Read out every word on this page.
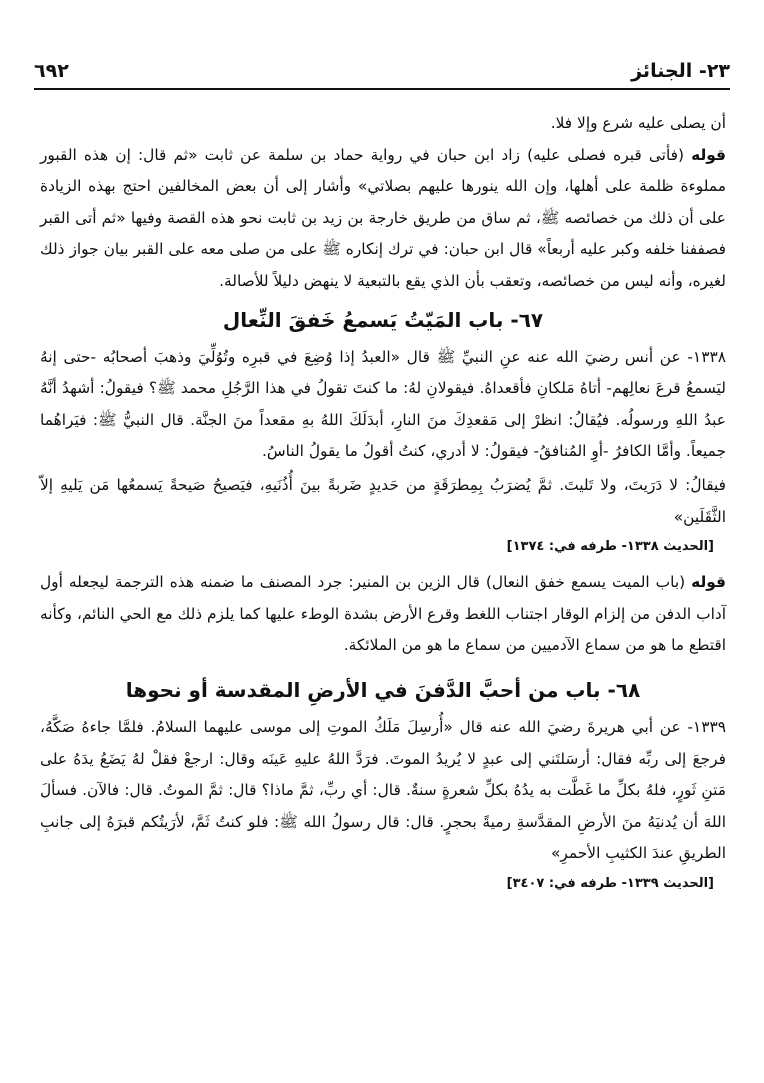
٦٩٢	٢٣- الجنائز

أن يصلى عليه شرع وإلا فلا.

قوله (فأتى قبره فصلى عليه) زاد ابن حبان في رواية حماد بن سلمة عن ثابت «ثم قال: إن هذه القبور مملوءة ظلمة على أهلها، وإن الله ينورها عليهم بصلاتي» وأشار إلى أن بعض المخالفين احتج بهذه الزيادة على أن ذلك من خصائصه ﷺ، ثم ساق من طريق خارجة بن زيد بن ثابت نحو هذه القصة وفيها «ثم أتى القبر فصففنا خلفه وكبر عليه أربعاً» قال ابن حبان: في ترك إنكاره ﷺ على من صلى معه على القبر بيان جواز ذلك لغيره، وأنه ليس من خصائصه، وتعقب بأن الذي يقع بالتبعية لا ينهض دليلاً للأصالة.

٦٧- باب المَيّتُ يَسمعُ خَفقَ النِّعال

١٣٣٨- عن أنس رضيَ الله عنه عنِ النبيِّ ﷺ قال «العبدُ إذا وُضِعَ في قبرِه وتُوُلِّيَ وذهبَ أصحابُه -حتى إنهُ ليَسمعُ قرعَ نعالِهم- أتاهُ مَلكانِ فأقعداهُ. فيقولانِ لهُ: ما كنتَ تقولُ في هذا الرَّجُلِ محمد ﷺ؟ فيقولُ: أشهدُ أنَّهُ عبدُ اللهِ ورسولُه. فيُقالُ: انظرْ إلى مَقعدِكَ منَ النارِ، أبدَلَكَ اللهُ بهِ مقعداً منَ الجنَّة. قال النبيُّ ﷺ: فيَراهُما جميعاً. وأمَّا الكافرُ -أوِ المُنافقُ- فيقولُ: لا أدري، كنتُ أقولُ ما يقولُ الناسُ.

فيقالُ: لا دَرَيتَ، ولا تَليتَ. ثمَّ يُضرَبُ بِمِطرَقَةٍ من حَديدٍ ضَربةً بينَ أُذُنَيهِ، فيَصيحُ صَيحةً يَسمعُها مَن يَليهِ إلاّ الثَّقَلَين»

[الحديث ١٣٣٨- طرفه في: ١٣٧٤]

قوله (باب الميت يسمع خفق النعال) قال الزين بن المنير: جرد المصنف ما ضمنه هذه الترجمة ليجعله أول آداب الدفن من إلزام الوقار اجتناب اللغط وقرع الأرض بشدة الوطء عليها كما يلزم ذلك مع الحي النائم، وكأنه اقتطع ما هو من سماع الآدميين من سماع ما هو من الملائكة.

٦٨- باب من أحبَّ الدَّفنَ في الأرضِ المقدسة أو نحوها

١٣٣٩- عن أبي هريرةَ رضيَ الله عنه قال «أُرسِلَ مَلَكُ الموتِ إلى موسى عليهما السلامُ. فلمَّا جاءهُ صَكَّهُ، فرجعَ إلى ربِّه فقال: أرسَلتَني إلى عبدٍ لا يُريدُ الموتَ. فرَدَّ اللهُ عليهِ عَينَه وقال: ارجعْ فقلْ لهُ يَضَعُ يدَهُ على مَتنِ ثَورٍ، فلهُ بكلِّ ما غَطَّت به يدُهُ بكلِّ شعرةٍ سنةٌ. قال: أي ربِّ، ثمَّ ماذا؟ قال: ثمَّ الموتُ. قال: فالآن. فسألَ اللهَ أن يُدنيَهُ منَ الأرضِ المقدَّسةِ رميةً بحجرٍ. قال: قال رسولُ الله ﷺ: فلو كنتُ ثَمَّ، لأرَيتُكم قبرَهُ إلى جانبِ الطريقِ عندَ الكثيبِ الأحمرِ»

[الحديث ١٣٣٩- طرفه في: ٣٤٠٧]
